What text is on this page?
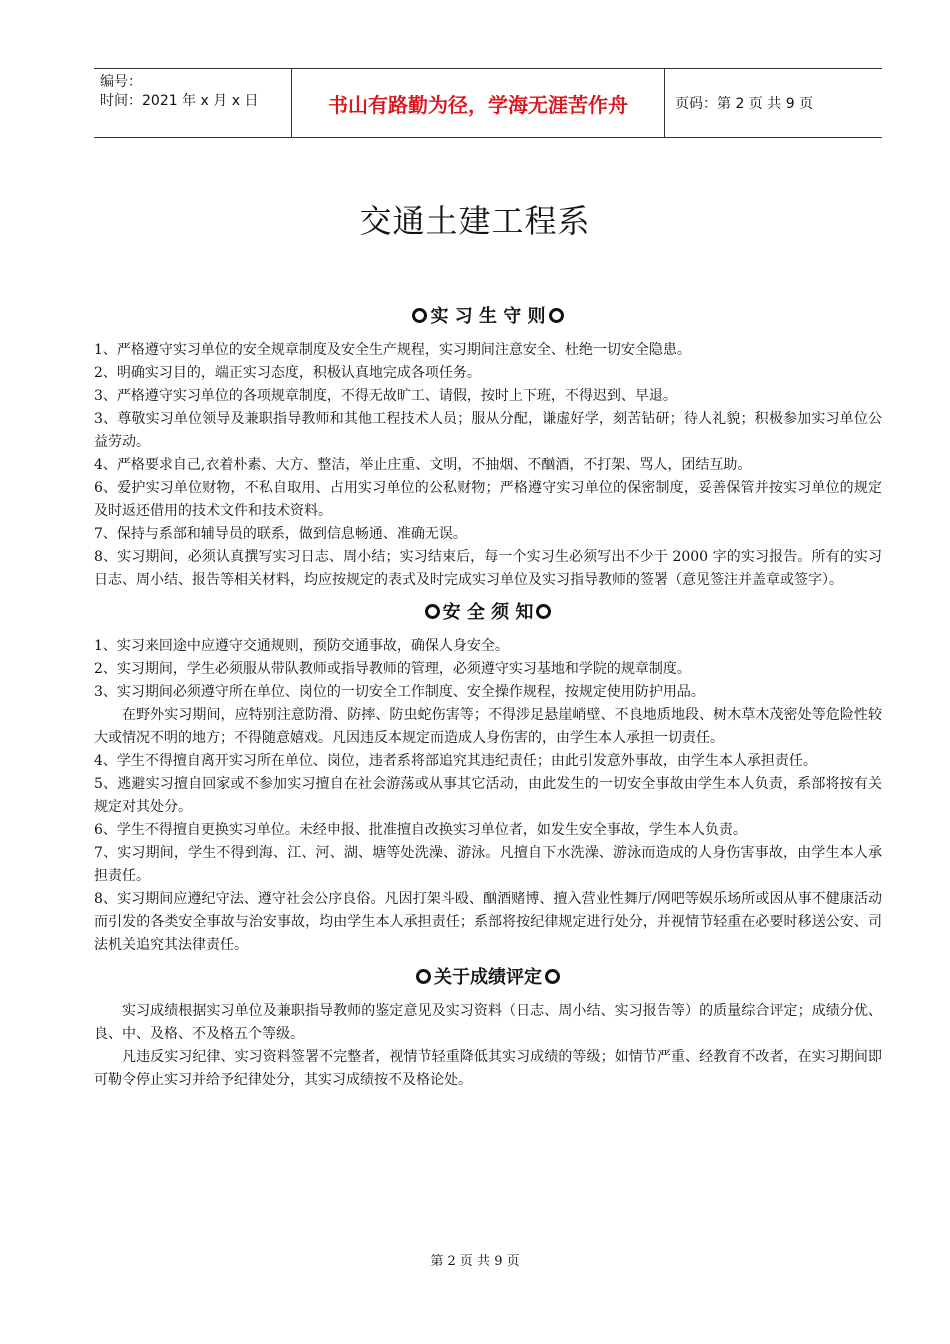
编号：
时间：2021 年 x 月 x 日	书山有路勤为径，学海无涯苦作舟	页码：第 2 页 共 9 页
交通土建工程系
实 习 生 守 则

1、严格遵守实习单位的安全规章制度及安全生产规程，实习期间注意安全、杜绝一切安全隐患。

2、明确实习目的，端正实习态度，积极认真地完成各项任务。

3、严格遵守实习单位的各项规章制度，不得无故旷工、请假，按时上下班，不得迟到、早退。

3、尊敬实习单位领导及兼职指导教师和其他工程技术人员；服从分配，谦虚好学，刻苦钻研；待人礼貌；积极参加实习单位公益劳动。

4、严格要求自己,衣着朴素、大方、整洁，举止庄重、文明，不抽烟、不酗酒，不打架、骂人，团结互助。

6、爱护实习单位财物，不私自取用、占用实习单位的公私财物；严格遵守实习单位的保密制度，妥善保管并按实习单位的规定及时返还借用的技术文件和技术资料。

7、保持与系部和辅导员的联系，做到信息畅通、准确无误。

8、实习期间，必须认真撰写实习日志、周小结；实习结束后，每一个实习生必须写出不少于 2000 字的实习报告。所有的实习日志、周小结、报告等相关材料，均应按规定的表式及时完成实习单位及实习指导教师的签署（意见签注并盖章或签字）。

安 全 须 知

1、实习来回途中应遵守交通规则，预防交通事故，确保人身安全。

2、实习期间，学生必须服从带队教师或指导教师的管理，必须遵守实习基地和学院的规章制度。

3、实习期间必须遵守所在单位、岗位的一切安全工作制度、安全操作规程，按规定使用防护用品。

在野外实习期间，应特别注意防滑、防摔、防虫蛇伤害等；不得涉足悬崖峭壁、不良地质地段、树木草木茂密处等危险性较大或情况不明的地方；不得随意嬉戏。凡因违反本规定而造成人身伤害的，由学生本人承担一切责任。

4、学生不得擅自离开实习所在单位、岗位，违者系将部追究其违纪责任；由此引发意外事故，由学生本人承担责任。

5、逃避实习擅自回家或不参加实习擅自在社会游荡或从事其它活动，由此发生的一切安全事故由学生本人负责，系部将按有关规定对其处分。

6、学生不得擅自更换实习单位。未经申报、批准擅自改换实习单位者，如发生安全事故，学生本人负责。

7、实习期间，学生不得到海、江、河、湖、塘等处洗澡、游泳。凡擅自下水洗澡、游泳而造成的人身伤害事故，由学生本人承担责任。

8、实习期间应遵纪守法、遵守社会公序良俗。凡因打架斗殴、酗酒赌博、擅入营业性舞厅/网吧等娱乐场所或因从事不健康活动而引发的各类安全事故与治安事故，均由学生本人承担责任；系部将按纪律规定进行处分，并视情节轻重在必要时移送公安、司法机关追究其法律责任。

关于成绩评定

实习成绩根据实习单位及兼职指导教师的鉴定意见及实习资料（日志、周小结、实习报告等）的质量综合评定；成绩分优、良、中、及格、不及格五个等级。

凡违反实习纪律、实习资料签署不完整者，视情节轻重降低其实习成绩的等级；如情节严重、经教育不改者，在实习期间即可勒令停止实习并给予纪律处分，其实习成绩按不及格论处。

第 2 页 共 9 页
